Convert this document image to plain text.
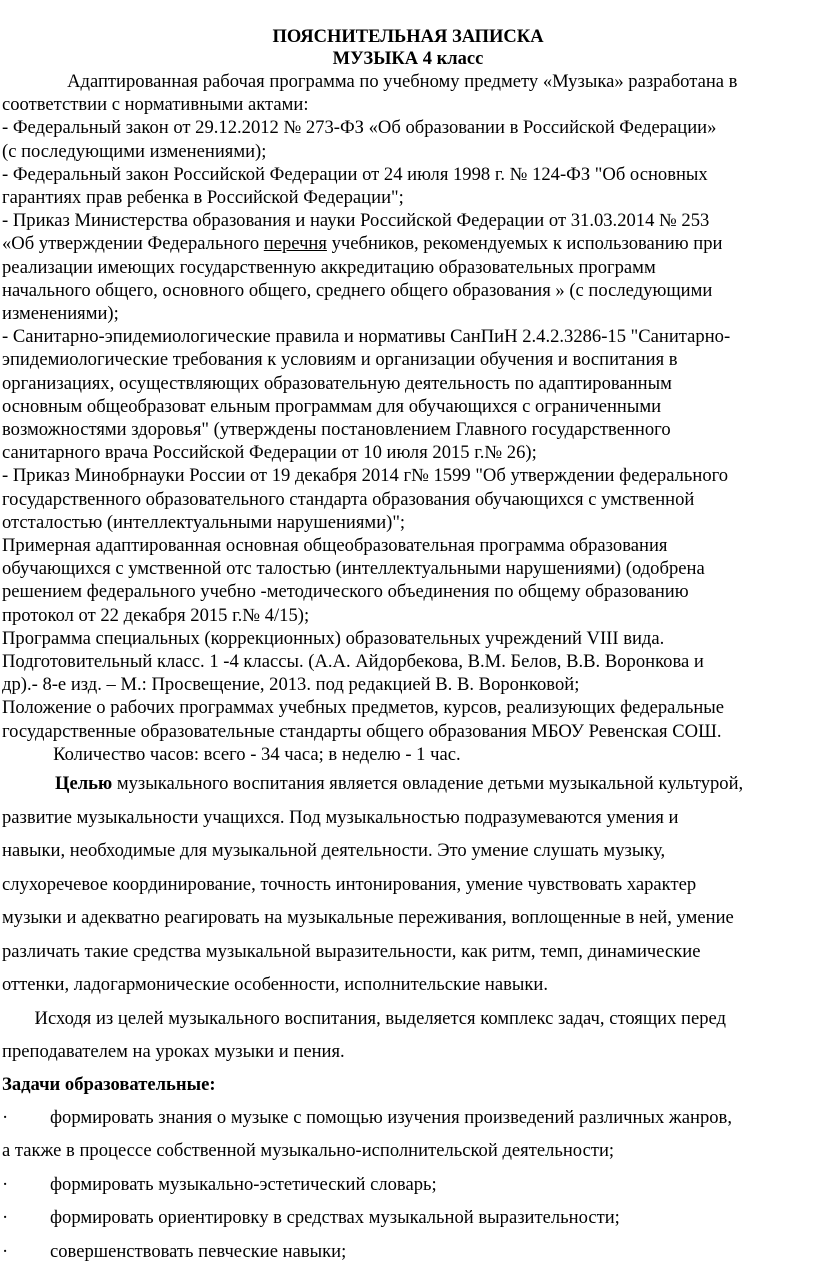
ПОЯСНИТЕЛЬНАЯ ЗАПИСКА

МУЗЫКА 4 класс

Адаптированная рабочая программа по учебному предмету «Музыка» разработана в

соответствии с нормативными актами:

- Федеральный закон от 29.12.2012 № 273-ФЗ «Об образовании в Российской Федерации»

(с последующими изменениями);

- Федеральный закон Российской Федерации от 24 июля 1998 г. № 124-ФЗ "Об основных

гарантиях прав ребенка в Российской Федерации";

- Приказ Министерства образования и науки Российской Федерации от 31.03.2014 № 253

«Об утверждении Федерального перечня учебников, рекомендуемых к использованию при

реализации имеющих государственную аккредитацию образовательных программ

начального общего, основного общего, среднего общего образования » (с последующими

изменениями);

- Санитарно-эпидемиологические правила и нормативы СанПиН 2.4.2.3286-15 "Санитарно-

эпидемиологические требования к условиям и организации обучения и воспитания в

организациях, осуществляющих образовательную деятельность по адаптированным

основным общеобразоват ельным программам для обучающихся с ограниченными

возможностями здоровья" (утверждены постановлением Главного государственного

санитарного врача Российской Федерации от 10 июля 2015 г.№ 26);

- Приказ Минобрнауки России от 19 декабря 2014 г№ 1599 "Об утверждении федерального

государственного образовательного стандарта образования обучающихся с умственной

отсталостью (интеллектуальными нарушениями)";

Примерная адаптированная основная общеобразовательная программа образования

обучающихся с умственной отс талостью (интеллектуальными нарушениями) (одобрена

решением федерального учебно -методического объединения по общему образованию

протокол от 22 декабря 2015 г.№ 4/15);

Программа специальных (коррекционных) образовательных учреждений VIII вида.

Подготовительный класс. 1 -4 классы. (А.А. Айдорбекова, В.М. Белов, В.В. Воронкова и

др).- 8-е изд. – М.: Просвещение, 2013. под редакцией В. В. Воронковой;

Положение о рабочих программах учебных предметов, курсов, реализующих федеральные

государственные образовательные стандарты общего образования МБОУ Ревенская СОШ.

Количество часов: всего - 34 часа; в неделю - 1 час.

Целью музыкального воспитания является овладение детьми музыкальной культурой,

развитие музыкальности учащихся. Под музыкальностью подразумеваются умения и

навыки, необходимые для музыкальной деятельности. Это умение слушать музыку,

слухоречевое координирование, точность интонирования, умение чувствовать характер

музыки и адекватно реагировать на музыкальные переживания, воплощенные в ней, умение

различать такие средства музыкальной выразительности, как ритм, темп, динамические

оттенки, ладогармонические особенности, исполнительские навыки.

Исходя из целей музыкального воспитания, выделяется комплекс задач, стоящих перед

преподавателем на уроках музыки и пения.

Задачи образовательные:

· формировать знания о музыке с помощью изучения произведений различных жанров,

а также в процессе собственной музыкально-исполнительской деятельности;

· формировать музыкально-эстетический словарь;

· формировать ориентировку в средствах музыкальной выразительности;

· совершенствовать певческие навыки;
